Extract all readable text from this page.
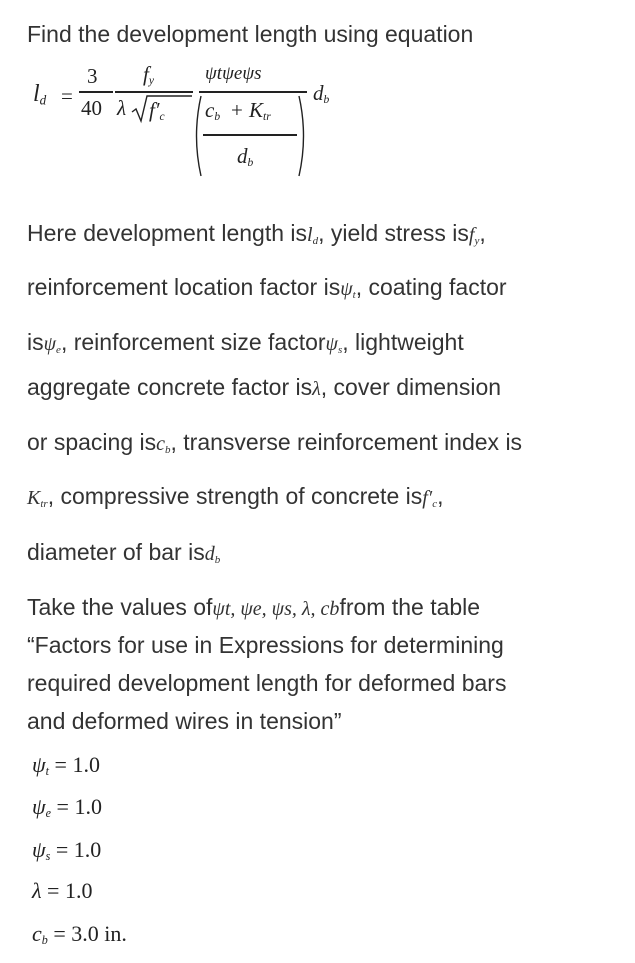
Find the development length using equation
$l_d$ =
3
40
$f_y$
λ $f'_c$
ψtψeψs
$c_b + K_{tr}$
$d_b$
$d_b$
Here development length isl$_d$, yield stress isf$_y$,
reinforcement location factor isψ$_t$, coating factor
isψ$_e$, reinforcement size factorψ$_s$, lightweight
aggregate concrete factor isλ, cover dimension
or spacing isc$_b$, transverse reinforcement index is
$K_{tr}$, compressive strength of concrete $isf'_c$,
diameter of bar isd$_b$
Take the values ofψt, ψe, ψs, λ, cbfrom the table
“Factors for use in Expressions for determining
required development length for deformed bars
and deformed wires in tension”
$\psi_t = 1.0$
$\psi_e = 1.0$
$\psi_s = 1.0$
λ = 1.0
$c_b = 3.0$ in.
